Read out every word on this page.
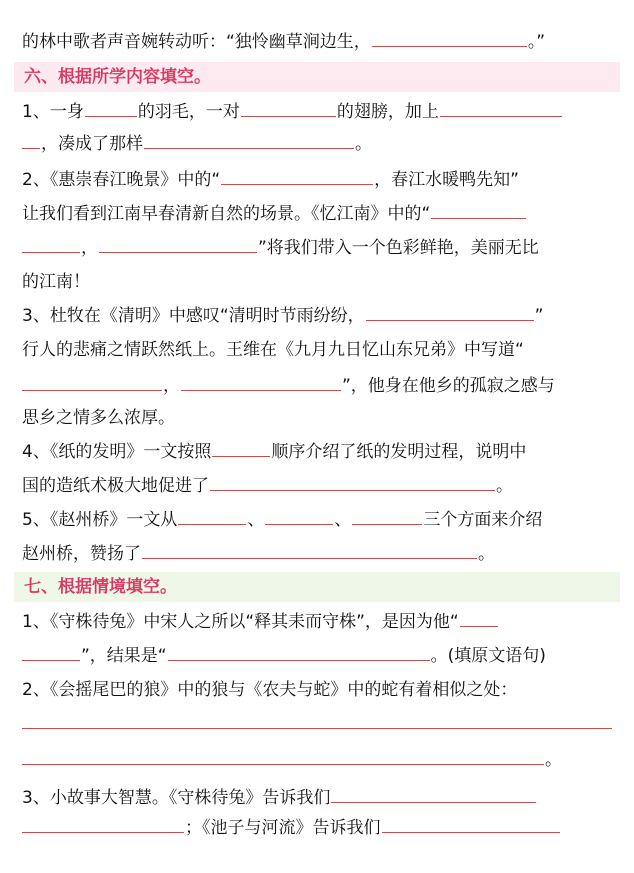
的林中歌者声音婉转动听：“独怜幽草涧边生，	。”
六、根据所学内容填空。
1、一身	的羽毛，一对	的翅膀，加上
，凑成了那样	。
2、《惠崇春江晚景》中的“	，春江水暖鸭先知”
让我们看到江南早春清新自然的场景。《忆江南》中的“
，	”将我们带入一个色彩鲜艳，美丽无比
的江南！
3、杜牧在《清明》中感叹“清明时节雨纷纷，	”
行人的悲痛之情跃然纸上。王维在《九月九日忆山东兄弟》中写道“
，	”，他身在他乡的孤寂之感与
思乡之情多么浓厚。
4、《纸的发明》一文按照	顺序介绍了纸的发明过程，说明中
国的造纸术极大地促进了	。
5、《赵州桥》一文从	、	、	三个方面来介绍
赵州桥，赞扬了	。
七、根据情境填空。
1、《守株待兔》中宋人之所以“释其耒而守株”，是因为他“
”，结果是“	。(填原文语句)
2、《会摇尾巴的狼》中的狼与《农夫与蛇》中的蛇有着相似之处：
。
3、小故事大智慧。《守株待兔》告诉我们
；《池子与河流》告诉我们
